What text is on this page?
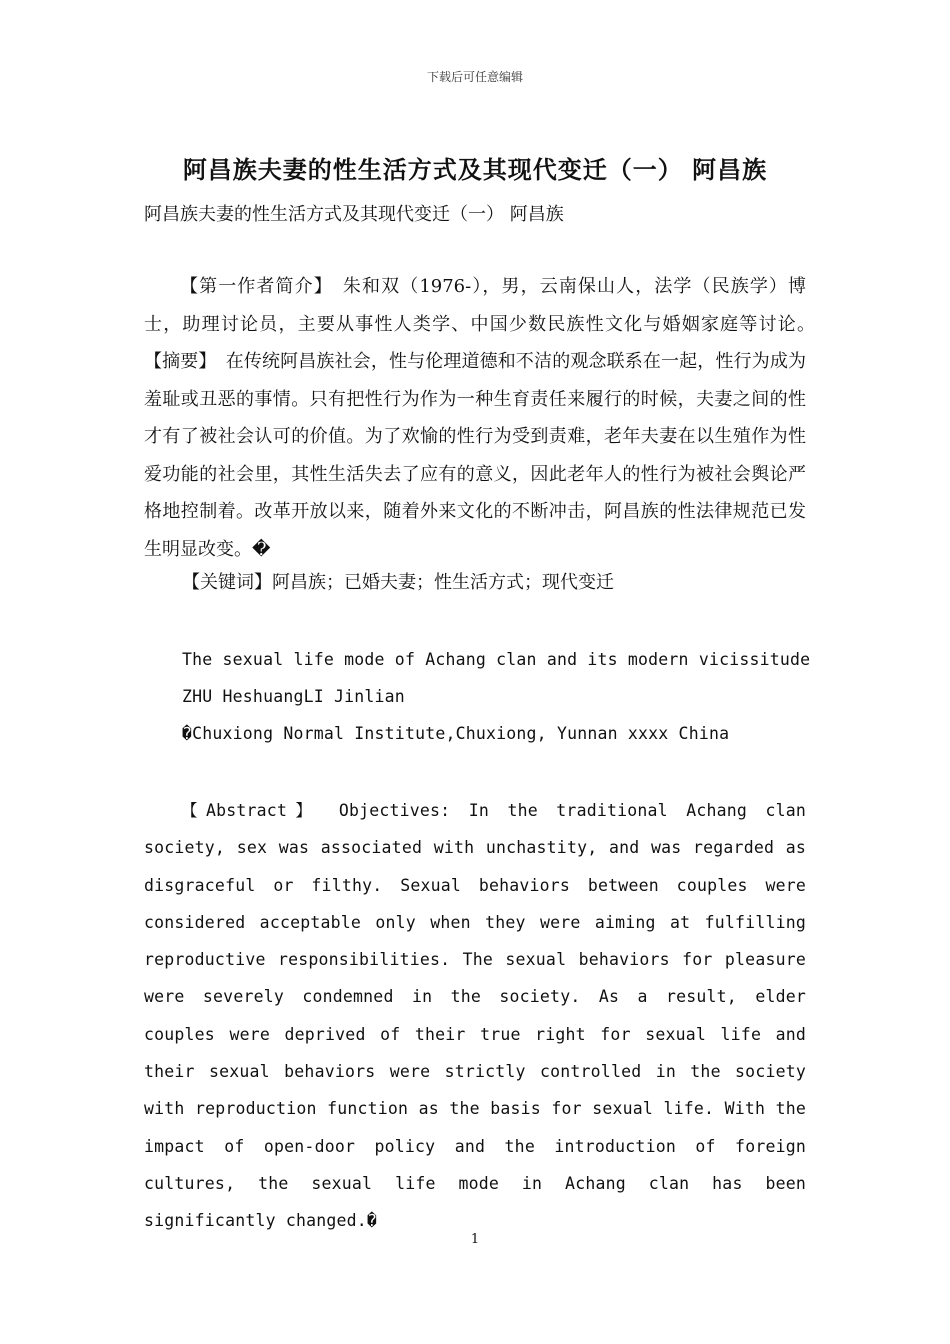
下载后可任意编辑
阿昌族夫妻的性生活方式及其现代变迁（一） 阿昌族
阿昌族夫妻的性生活方式及其现代变迁（一） 阿昌族
【第一作者简介】　 朱和双（1976-），男，云南保山人，法学（民族学）博士，助理讨论员，主要从事性人类学、中国少数民族性文化与婚姻家庭等讨论。　【摘要】　 在传统阿昌族社会，性与伦理道德和不洁的观念联系在一起，性行为成为羞耻或丑恶的事情。只有把性行为作为一种生育责任来履行的时候，夫妻之间的性才有了被社会认可的价值。为了欢愉的性行为受到责难，老年夫妻在以生殖作为性爱功能的社会里，其性生活失去了应有的意义，因此老年人的性行为被社会舆论严格地控制着。改革开放以来，随着外来文化的不断冲击，阿昌族的性法律规范已发生明显改变。�
【关键词】阿昌族；已婚夫妻；性生活方式；现代变迁
The sexual life mode of Achang clan and its modern vicissitude
ZHU HeshuangLI Jinlian
�Chuxiong Normal Institute,Chuxiong, Yunnan xxxx China
【Abstract】 Objectives: In the traditional Achang clan society, sex was associated with unchastity, and was regarded as disgraceful or filthy. Sexual behaviors between couples were considered acceptable only when they were aiming at fulfilling reproductive responsibilities. The sexual behaviors for pleasure were severely condemned in the society. As a result, elder couples were deprived of their true right for sexual life and their sexual behaviors were strictly controlled in the society with reproduction function as the basis for sexual life. With the impact of open-door policy and the introduction of foreign cultures, the sexual life mode in Achang clan has been significantly changed.�
1
